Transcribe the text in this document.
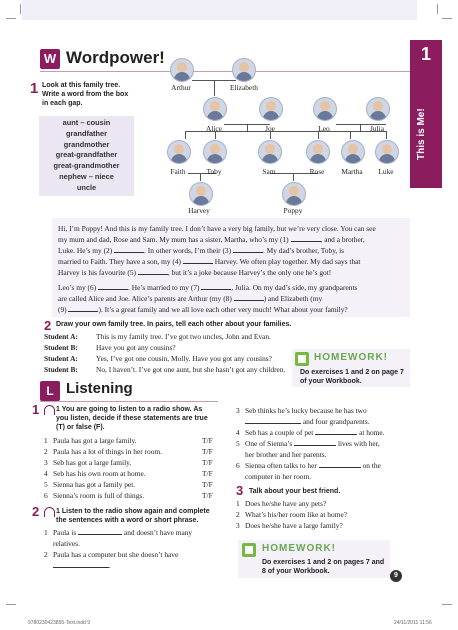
1
This is Me!
W Wordpower!
1 Look at this family tree. Write a word from the box in each gap.
aunt – cousin
grandfather
grandmother
great-grandfather
great-grandmother
nephew – niece
uncle
Arthur	Elizabeth
Alice	Joe	Leo	Julia
Faith	Toby	Sam	Rose	Martha	Luke
Harvey	Poppy

Hi, I’m Poppy! And this is my family tree. I don’t have a very big family, but we’re very close. You can see

my mum and dad, Rose and Sam. My mum has a sister, Martha, who’s my (1)	, and a brother,

Luke. He’s my (2)	. In other words, I’m their (3)	. My dad’s brother, Toby, is

married to Faith. They have a son, my (4)	Harvey. We often play together. My dad says that

Harvey is his favourite (5)	, but it’s a joke because Harvey’s the only one he’s got!

Leo’s my (6)	. He’s married to my (7)	, Julia. On my dad’s side, my grandparents

are called Alice and Joe. Alice’s parents are Arthur (my (8)	) and Elizabeth (my

(9)	). It’s a great family and we all love each other very much! What about your family?

2 Draw your own family tree. In pairs, tell each other about your families.
Student A: This is my family tree. I’ve got two uncles, John and Evan.
Student B: Have you got any cousins?
Student A: Yes, I’ve got one cousin, Molly. Have you got any cousins?
Student B: No, I haven’t. I’ve got one aunt, but she hasn’t got any children.
HOMEWORK!
Do exercises 1 and 2 on page 7 of your Workbook.
L Listening
1 1 You are going to listen to a radio show. As you listen, decide if these statements are true (T) or false (F).
1 Paula has got a large family.	T/F
2 Paula has a lot of things in her room.	T/F
3 Seb has got a large family.	T/F
4 Seb has his own room at home.	T/F
5 Sienna has got a family pet.	T/F
6 Sienna’s room is full of things.	T/F
2 1 Listen to the radio show again and complete the sentences with a word or short phrase.
1 Paula is	and doesn’t have many
relatives.
2 Paula has a computer but she doesn’t have
.
3 Seb thinks he’s lucky because he has two
and four grandparents.
4 Seb has a couple of pet	at home.
5 One of Sienna’s	lives with her,
her brother and her parents.
6 Sienna often talks to her	on the
computer in her room.
3 Talk about your best friend.
1 Does he/she have any pets?
2 What’s his/her room like at home?
3 Does he/she have a large family?
HOMEWORK!
Do exercises 1 and 2 on pages 7 and 8 of your Workbook.
9
9780230423855-Text.indd 9	24/11/2011 11:56
